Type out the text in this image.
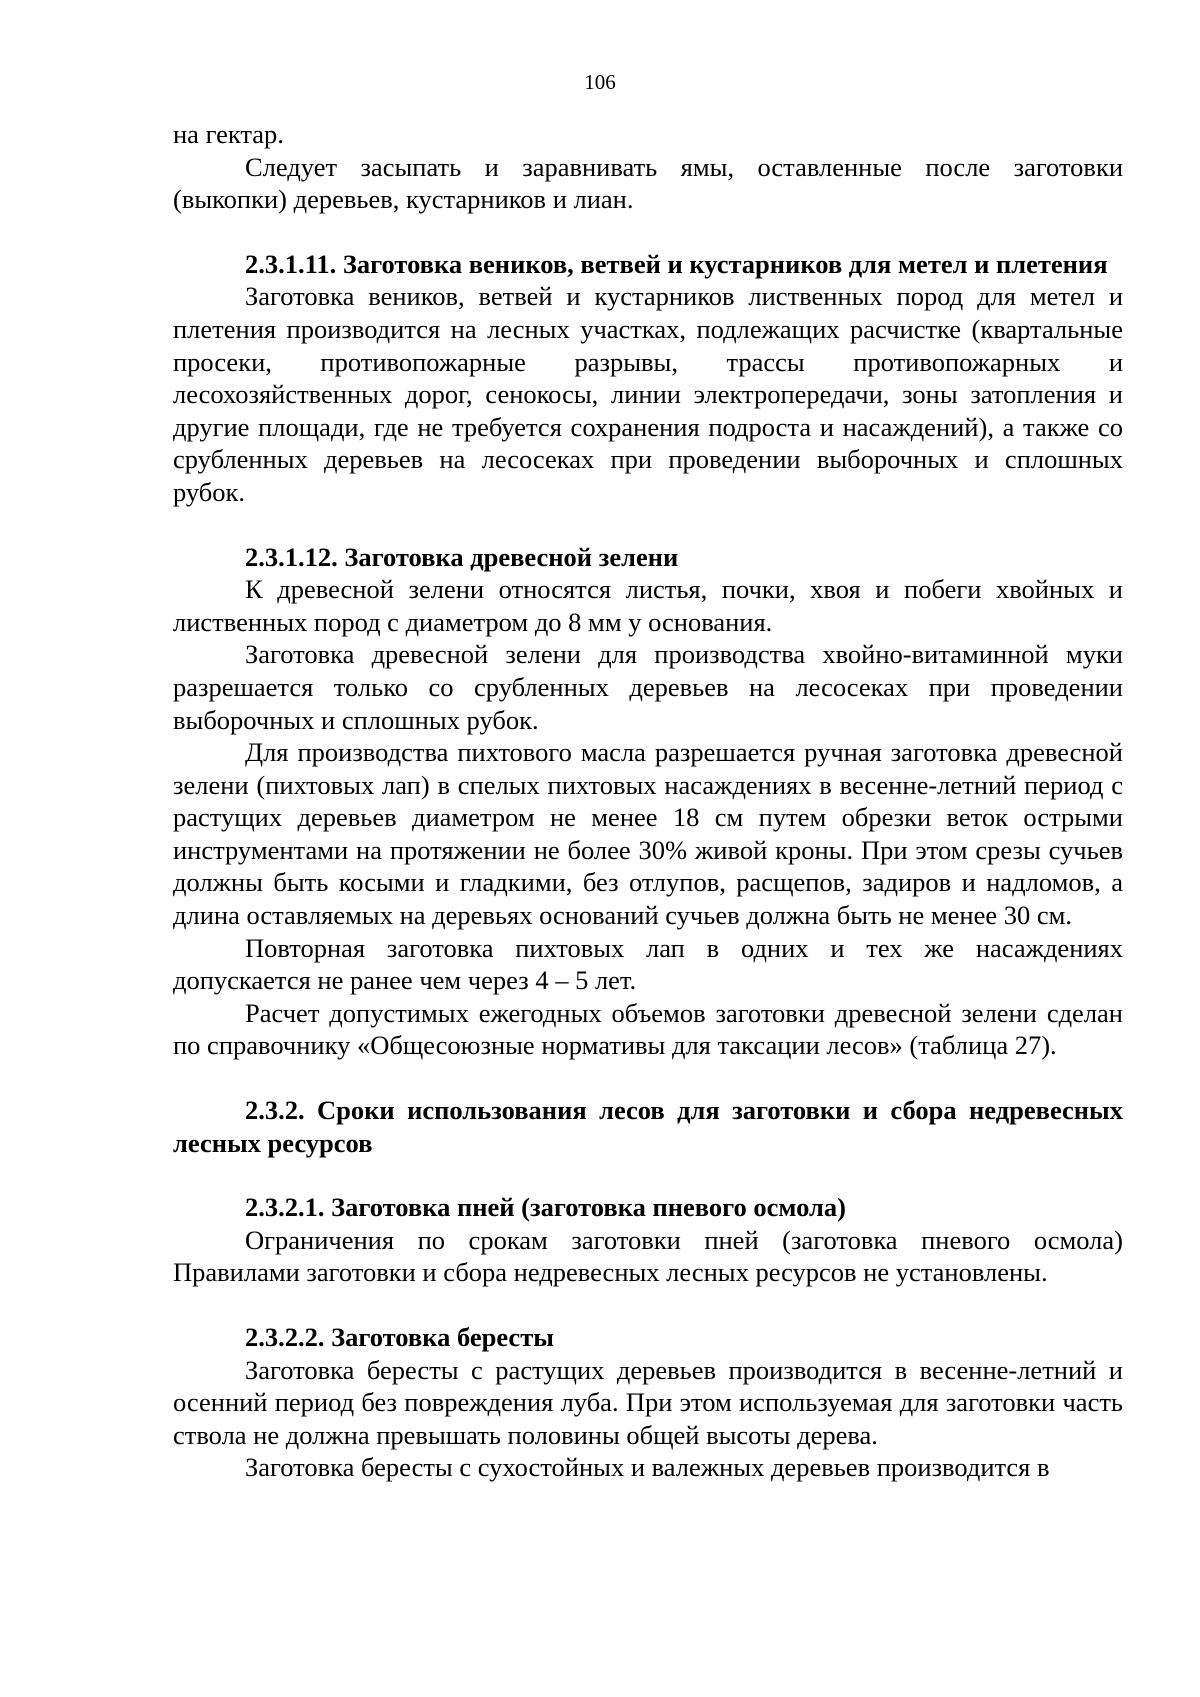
106

на гектар.

Следует засыпать и заравнивать ямы, оставленные после заготовки (выкопки) деревьев, кустарников и лиан.

2.3.1.11. Заготовка веников, ветвей и кустарников для метел и плетения

Заготовка веников, ветвей и кустарников лиственных пород для метел и плетения производится на лесных участках, подлежащих расчистке (квартальные просеки, противопожарные разрывы, трассы противопожарных и лесохозяйственных дорог, сенокосы, линии электропередачи, зоны затопления и другие площади, где не требуется сохранения подроста и насаждений), а также со срубленных деревьев на лесосеках при проведении выборочных и сплошных рубок.

2.3.1.12. Заготовка древесной зелени

К древесной зелени относятся листья, почки, хвоя и побеги хвойных и лиственных пород с диаметром до 8 мм у основания.

Заготовка древесной зелени для производства хвойно-витаминной муки разрешается только со срубленных деревьев на лесосеках при проведении выборочных и сплошных рубок.

Для производства пихтового масла разрешается ручная заготовка древесной зелени (пихтовых лап) в спелых пихтовых насаждениях в весенне-летний период с растущих деревьев диаметром не менее 18 см путем обрезки веток острыми инструментами на протяжении не более 30% живой кроны. При этом срезы сучьев должны быть косыми и гладкими, без отлупов, расщепов, задиров и надломов, а длина оставляемых на деревьях оснований сучьев должна быть не менее 30 см.

Повторная заготовка пихтовых лап в одних и тех же насаждениях допускается не ранее чем через 4 – 5 лет.

Расчет допустимых ежегодных объемов заготовки древесной зелени сделан по справочнику «Общесоюзные нормативы для таксации лесов» (таблица 27).

2.3.2. Сроки использования лесов для заготовки и сбора недревесных лесных ресурсов
2.3.2.1. Заготовка пней (заготовка пневого осмола)

Ограничения по срокам заготовки пней (заготовка пневого осмола) Правилами заготовки и сбора недревесных лесных ресурсов не установлены.

2.3.2.2. Заготовка бересты

Заготовка бересты с растущих деревьев производится в весенне-летний и осенний период без повреждения луба. При этом используемая для заготовки часть ствола не должна превышать половины общей высоты дерева.

Заготовка бересты с сухостойных и валежных деревьев производится в
